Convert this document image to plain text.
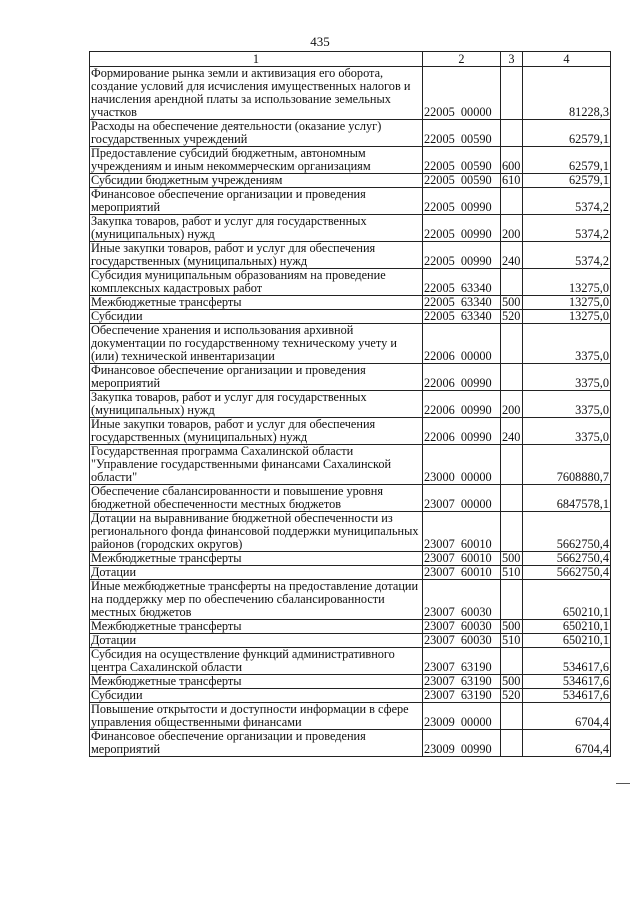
435
1	2	3	4
Формирование рынка земли и активизация его оборота, создание условий для исчисления имущественных налогов и начисления арендной платы за использование земельных участков	22005  00000		81228,3
Расходы на обеспечение деятельности (оказание услуг) государственных учреждений	22005  00590		62579,1
Предоставление субсидий бюджетным, автономным учреждениям и иным некоммерческим организациям	22005  00590	600	62579,1
Субсидии бюджетным учреждениям	22005  00590	610	62579,1
Финансовое обеспечение организации и проведения мероприятий	22005  00990		5374,2
Закупка товаров, работ и услуг для государственных (муниципальных) нужд	22005  00990	200	5374,2
Иные закупки товаров, работ и услуг для обеспечения государственных (муниципальных) нужд	22005  00990	240	5374,2
Субсидия муниципальным образованиям на проведение комплексных кадастровых работ	22005  63340		13275,0
Межбюджетные трансферты	22005  63340	500	13275,0
Субсидии	22005  63340	520	13275,0
Обеспечение хранения и использования архивной документации по государственному техническому учету и (или) технической инвентаризации	22006  00000		3375,0
Финансовое обеспечение организации и проведения мероприятий	22006  00990		3375,0
Закупка товаров, работ и услуг для государственных (муниципальных) нужд	22006  00990	200	3375,0
Иные закупки товаров, работ и услуг для обеспечения государственных (муниципальных) нужд	22006  00990	240	3375,0
Государственная программа Сахалинской области "Управление государственными финансами Сахалинской области"	23000  00000		7608880,7
Обеспечение сбалансированности и повышение уровня бюджетной обеспеченности местных бюджетов	23007  00000		6847578,1
Дотации на выравнивание бюджетной обеспеченности из регионального фонда финансовой поддержки муниципальных районов (городских округов)	23007  60010		5662750,4
Межбюджетные трансферты	23007  60010	500	5662750,4
Дотации	23007  60010	510	5662750,4
Иные межбюджетные трансферты на предоставление дотации на поддержку мер по обеспечению сбалансированности местных бюджетов	23007  60030		650210,1
Межбюджетные трансферты	23007  60030	500	650210,1
Дотации	23007  60030	510	650210,1
Субсидия на осуществление функций административного центра Сахалинской области	23007  63190		534617,6
Межбюджетные трансферты	23007  63190	500	534617,6
Субсидии	23007  63190	520	534617,6
Повышение открытости и доступности информации в сфере управления общественными финансами	23009  00000		6704,4
Финансовое обеспечение организации и проведения мероприятий	23009  00990		6704,4
